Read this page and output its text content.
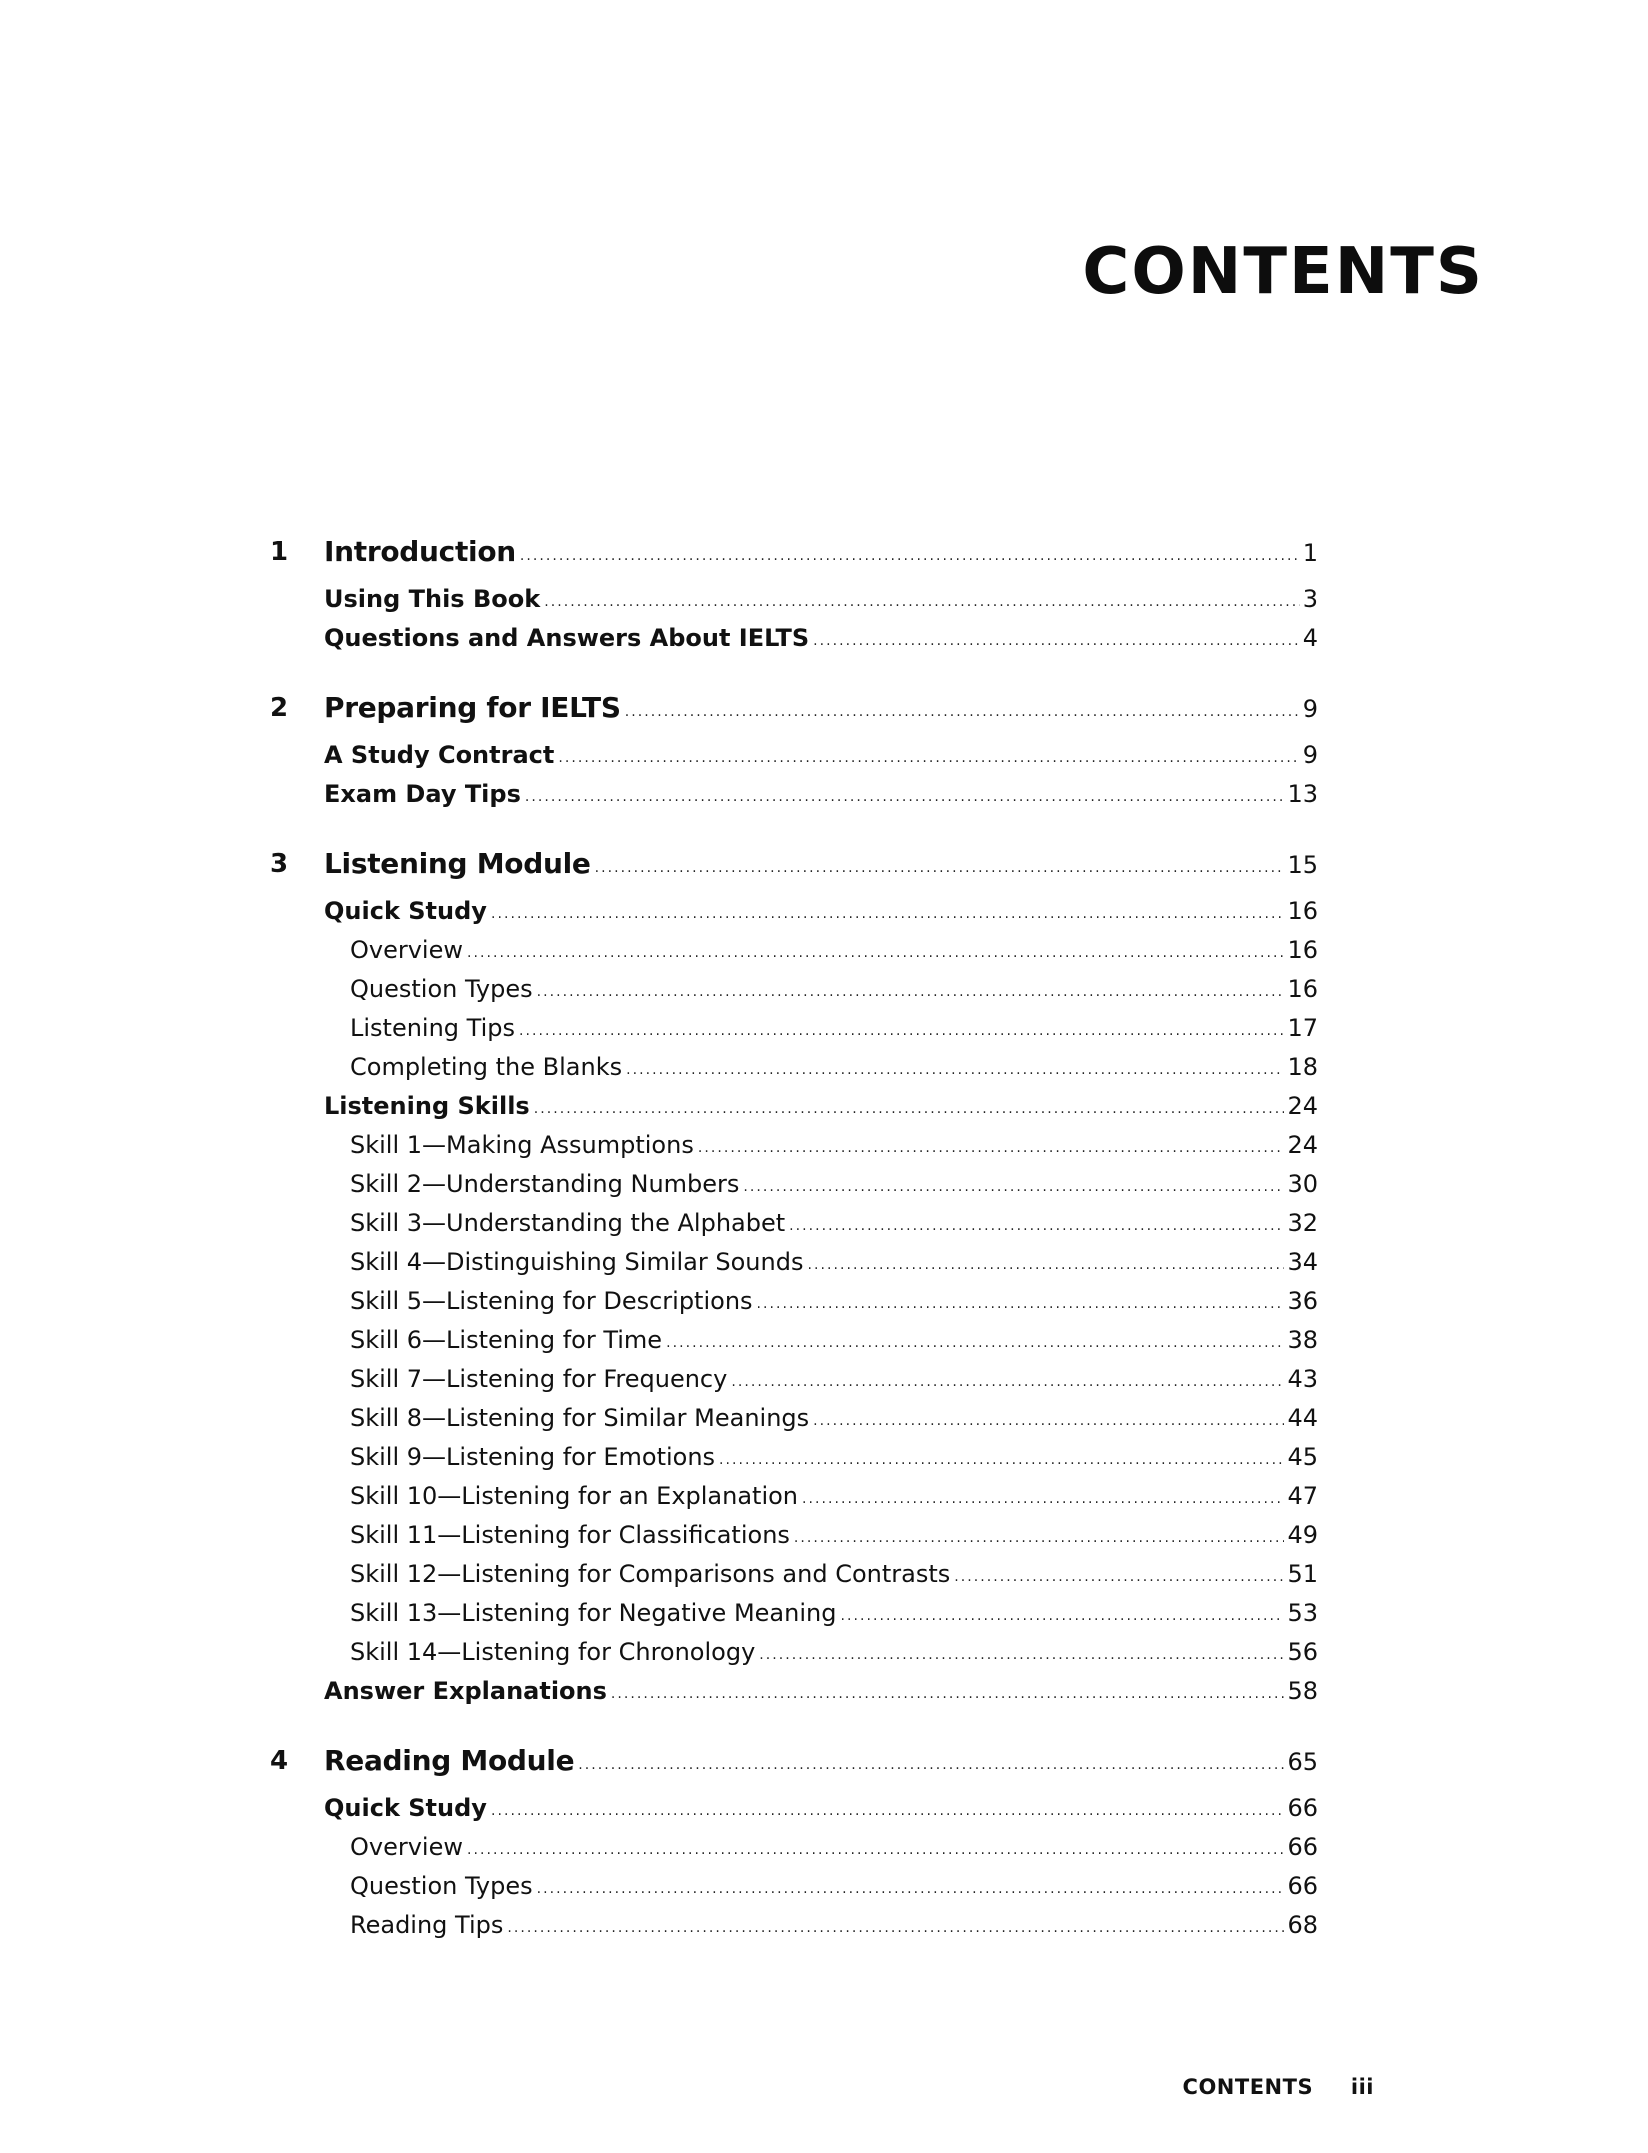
CONTENTS
1	Introduction . . .	1
Using This Book . . .	3
Questions and Answers About IELTS . . .	4
2	Preparing for IELTS . . .	9
A Study Contract . . .	9
Exam Day Tips . . .	13
3	Listening Module . . .	15
Quick Study . . .	16
Overview . . .	16
Question Types . . .	16
Listening Tips . . .	17
Completing the Blanks . . .	18
Listening Skills . . .	24
Skill 1—Making Assumptions . . .	24
Skill 2—Understanding Numbers . . .	30
Skill 3—Understanding the Alphabet . . .	32
Skill 4—Distinguishing Similar Sounds . . .	34
Skill 5—Listening for Descriptions . . .	36
Skill 6—Listening for Time . . .	38
Skill 7—Listening for Frequency . . .	43
Skill 8—Listening for Similar Meanings . . .	44
Skill 9—Listening for Emotions . . .	45
Skill 10—Listening for an Explanation . . .	47
Skill 11—Listening for Classifications . . .	49
Skill 12—Listening for Comparisons and Contrasts . . .	51
Skill 13—Listening for Negative Meaning . . .	53
Skill 14—Listening for Chronology . . .	56
Answer Explanations . . .	58
4	Reading Module . . .	65
Quick Study . . .	66
Overview . . .	66
Question Types . . .	66
Reading Tips . . .	68
CONTENTS iii
